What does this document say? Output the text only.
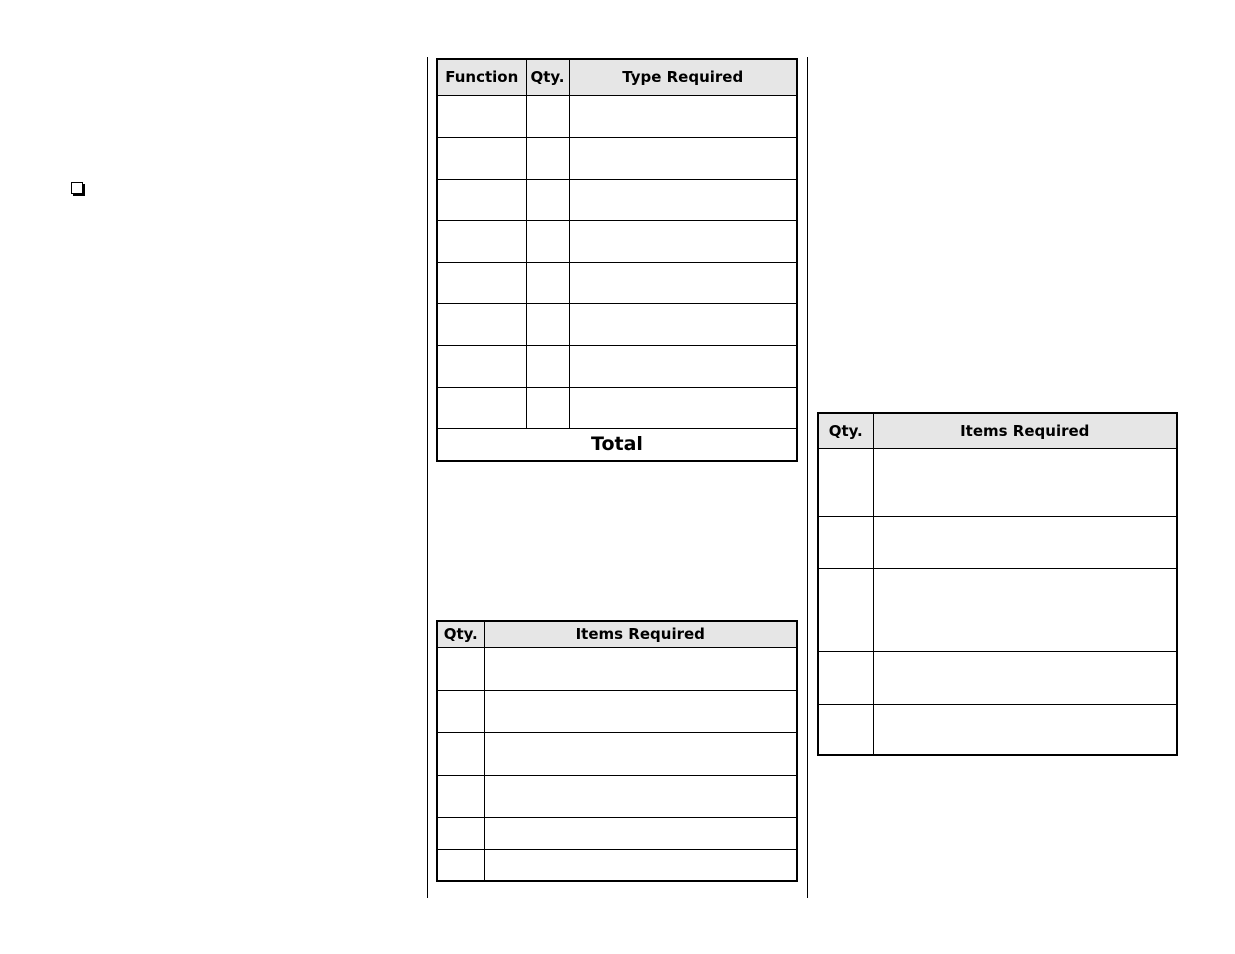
Function	Qty.	Type Required

Total		
Qty.	Items Required

Qty.	Items Required
